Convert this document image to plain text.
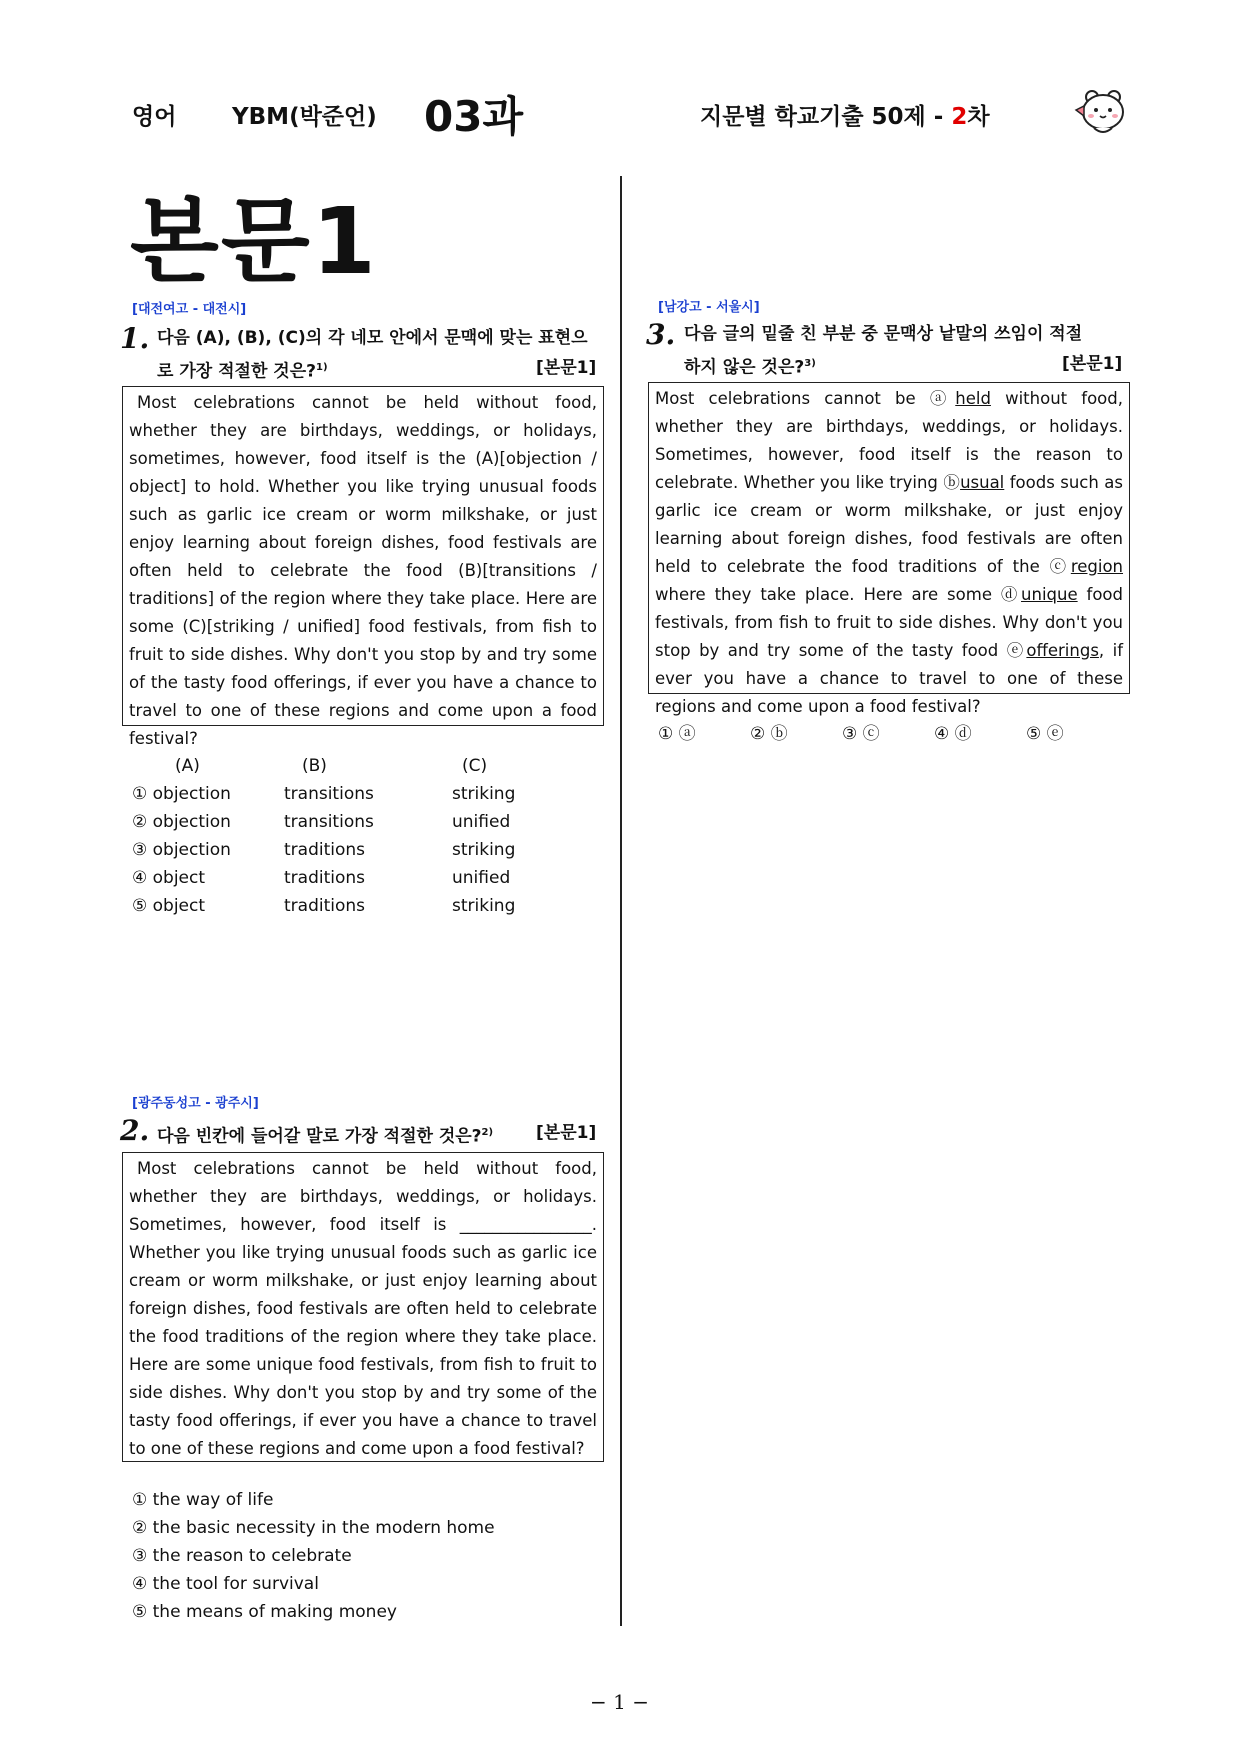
영어 YBM(박준언) 03과	지문별 학교기출 50제 - 2차
본문1
[대전여고 - 대전시]
1. 다음 (A), (B), (C)의 각 네모 안에서 문맥에 맞는 표현으
로 가장 적절한 것은?$^{1)}$	[본문1]
Most celebrations cannot be held without food, whether they are birthdays, weddings, or holidays, sometimes, however, food itself is the (A)[objection / object] to hold. Whether you like trying unusual foods such as garlic ice cream or worm milkshake, or just enjoy learning about foreign dishes, food festivals are often held to celebrate the food (B)[transitions / traditions] of the region where they take place. Here are some (C)[striking / unified] food festivals, from fish to fruit to side dishes. Why don't you stop by and try some of the tasty food offerings, if ever you have a chance to travel to one of these regions and come upon a food festival?
(A)	(B)	(C)
① objection	transitions	striking
② objection	transitions	unified
③ objection	traditions	striking
④ object	traditions	unified
⑤ object	traditions	striking
[광주동성고 - 광주시]
2. 다음 빈칸에 들어갈 말로 가장 적절한 것은?$^{2)}$	[본문1]
Most celebrations cannot be held without food, whether they are birthdays, weddings, or holidays. Sometimes, however, food itself is ________________. Whether you like trying unusual foods such as garlic ice cream or worm milkshake, or just enjoy learning about foreign dishes, food festivals are often held to celebrate the food traditions of the region where they take place. Here are some unique food festivals, from fish to fruit to side dishes. Why don't you stop by and try some of the tasty food offerings, if ever you have a chance to travel to one of these regions and come upon a food festival?
① the way of life
② the basic necessity in the modern home
③ the reason to celebrate
④ the tool for survival
⑤ the means of making money
[남강고 - 서울시]
3. 다음 글의 밑줄 친 부분 중 문맥상 낱말의 쓰임이 적절
하지 않은 것은?$^{3)}$	[본문1]
Most celebrations cannot be ⓐheld without food, whether they are birthdays, weddings, or holidays. Sometimes, however, food itself is the reason to celebrate. Whether you like trying ⓑusual foods such as garlic ice cream or worm milkshake, or just enjoy learning about foreign dishes, food festivals are often held to celebrate the food traditions of the ⓒregion where they take place. Here are some ⓓunique food festivals, from fish to fruit to side dishes. Why don't you stop by and try some of the tasty food ⓔofferings, if ever you have a chance to travel to one of these regions and come upon a food festival?
① ⓐ	② ⓑ	③ ⓒ	④ ⓓ	⑤ ⓔ
− 1 −
